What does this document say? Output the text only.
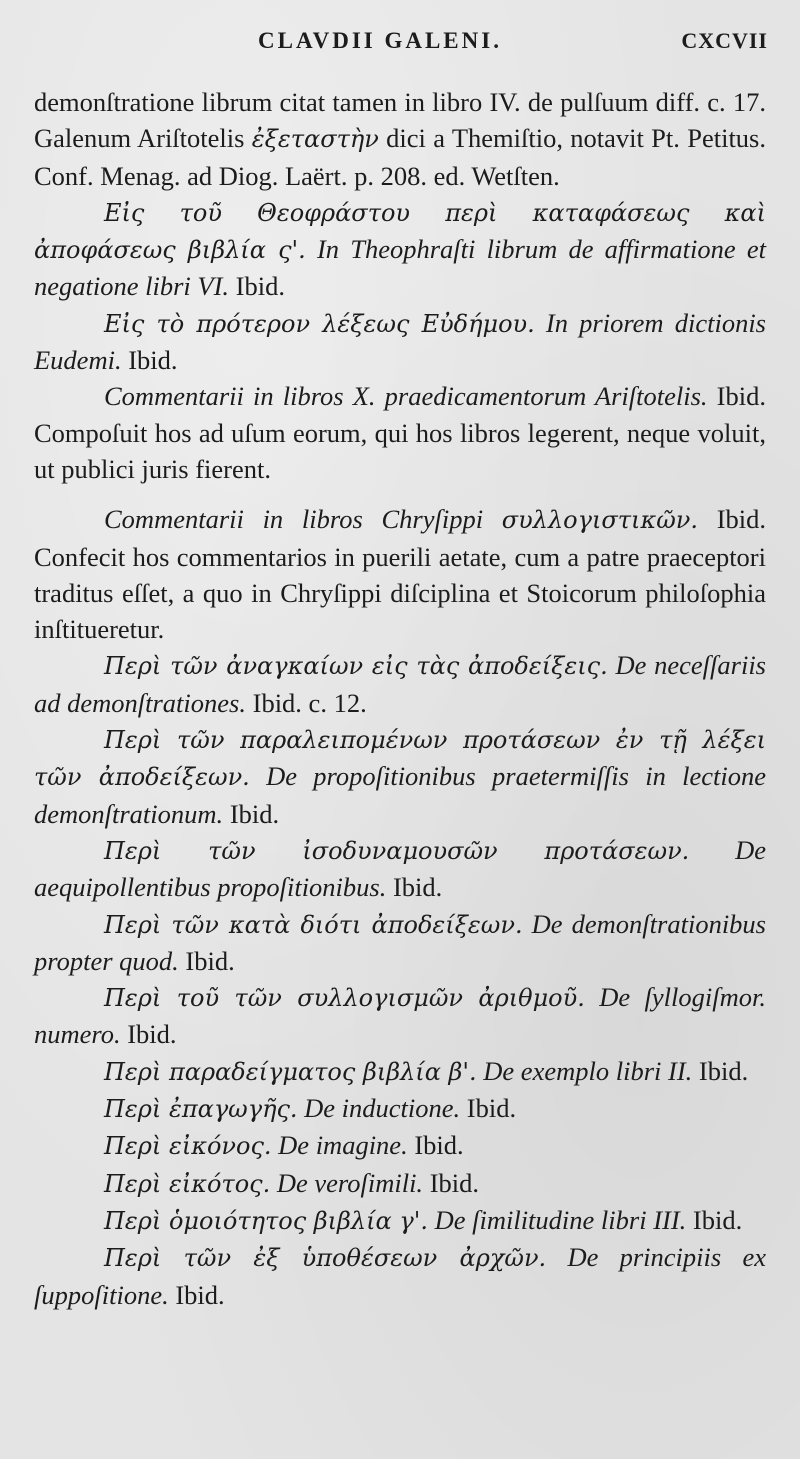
CLAVDII GALENI.	CXCVII

demonſtratione librum citat tamen in libro IV. de pulſuum diff. c. 17. Galenum Ariſtotelis ἐξεταστὴν dici a Themiſtio, notavit Pt. Petitus. Conf. Menag. ad Diog. Laërt. p. 208. ed. Wetſten.

Εἰς τοῦ Θεοφράστου περὶ καταφάσεως καὶ ἀποφάσεως βιβλία ς'. In Theophraſti librum de affirmatione et negatione libri VI. Ibid.

Εἰς τὸ πρότερον λέξεως Εὐδήμου. In priorem dictionis Eudemi. Ibid.

Commentarii in libros X. praedicamentorum Ariſtotelis. Ibid. Compoſuit hos ad uſum eorum, qui hos libros legerent, neque voluit, ut publici juris fierent.

Commentarii in libros Chryſippi συλλογιστικῶν. Ibid. Confecit hos commentarios in puerili aetate, cum a patre praeceptori traditus eſſet, a quo in Chryſippi diſciplina et Stoicorum philoſophia inſtitueretur.

Περὶ τῶν ἀναγκαίων εἰς τὰς ἀποδείξεις. De neceſſariis ad demonſtrationes. Ibid. c. 12.

Περὶ τῶν παραλειπομένων προτάσεων ἐν τῇ λέξει τῶν ἀποδείξεων. De propoſitionibus praetermiſſis in lectione demonſtrationum. Ibid.

Περὶ τῶν ἰσοδυναμουσῶν προτάσεων. De aequipollentibus propoſitionibus. Ibid.

Περὶ τῶν κατὰ διότι ἀποδείξεων. De demonſtrationibus propter quod. Ibid.

Περὶ τοῦ τῶν συλλογισμῶν ἀριθμοῦ. De ſyllogiſmor. numero. Ibid.

Περὶ παραδείγματος βιβλία β'. De exemplo libri II. Ibid.

Περὶ ἐπαγωγῆς. De inductione. Ibid.

Περὶ εἰκόνος. De imagine. Ibid.

Περὶ εἰκότος. De veroſimili. Ibid.

Περὶ ὁμοιότητος βιβλία γ'. De ſimilitudine libri III. Ibid.

Περὶ τῶν ἐξ ὑποθέσεων ἀρχῶν. De principiis ex ſuppoſitione. Ibid.
